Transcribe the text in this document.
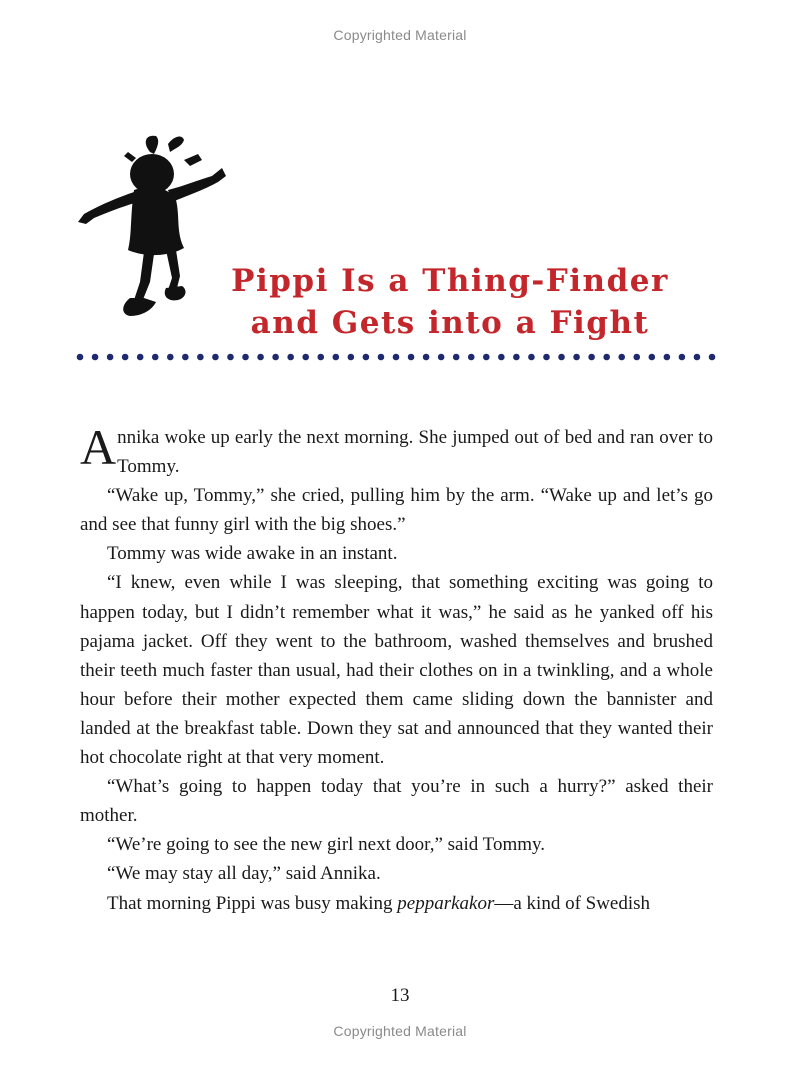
Copyrighted Material
Pippi Is a Thing-Finder
and Gets into a Fight

Annika woke up early the next morning. She jumped out of bed and ran over to Tommy.

“Wake up, Tommy,” she cried, pulling him by the arm. “Wake up and let’s go and see that funny girl with the big shoes.”

Tommy was wide awake in an instant.

“I knew, even while I was sleeping, that something exciting was going to happen today, but I didn’t remember what it was,” he said as he yanked off his pajama jacket. Off they went to the bathroom, washed themselves and brushed their teeth much faster than usual, had their clothes on in a twinkling, and a whole hour before their mother expected them came sliding down the bannister and landed at the breakfast table. Down they sat and announced that they wanted their hot chocolate right at that very moment.

“What’s going to happen today that you’re in such a hurry?” asked their mother.

“We’re going to see the new girl next door,” said Tommy.

“We may stay all day,” said Annika.

That morning Pippi was busy making pepparkakor—a kind of Swedish

13
Copyrighted Material
